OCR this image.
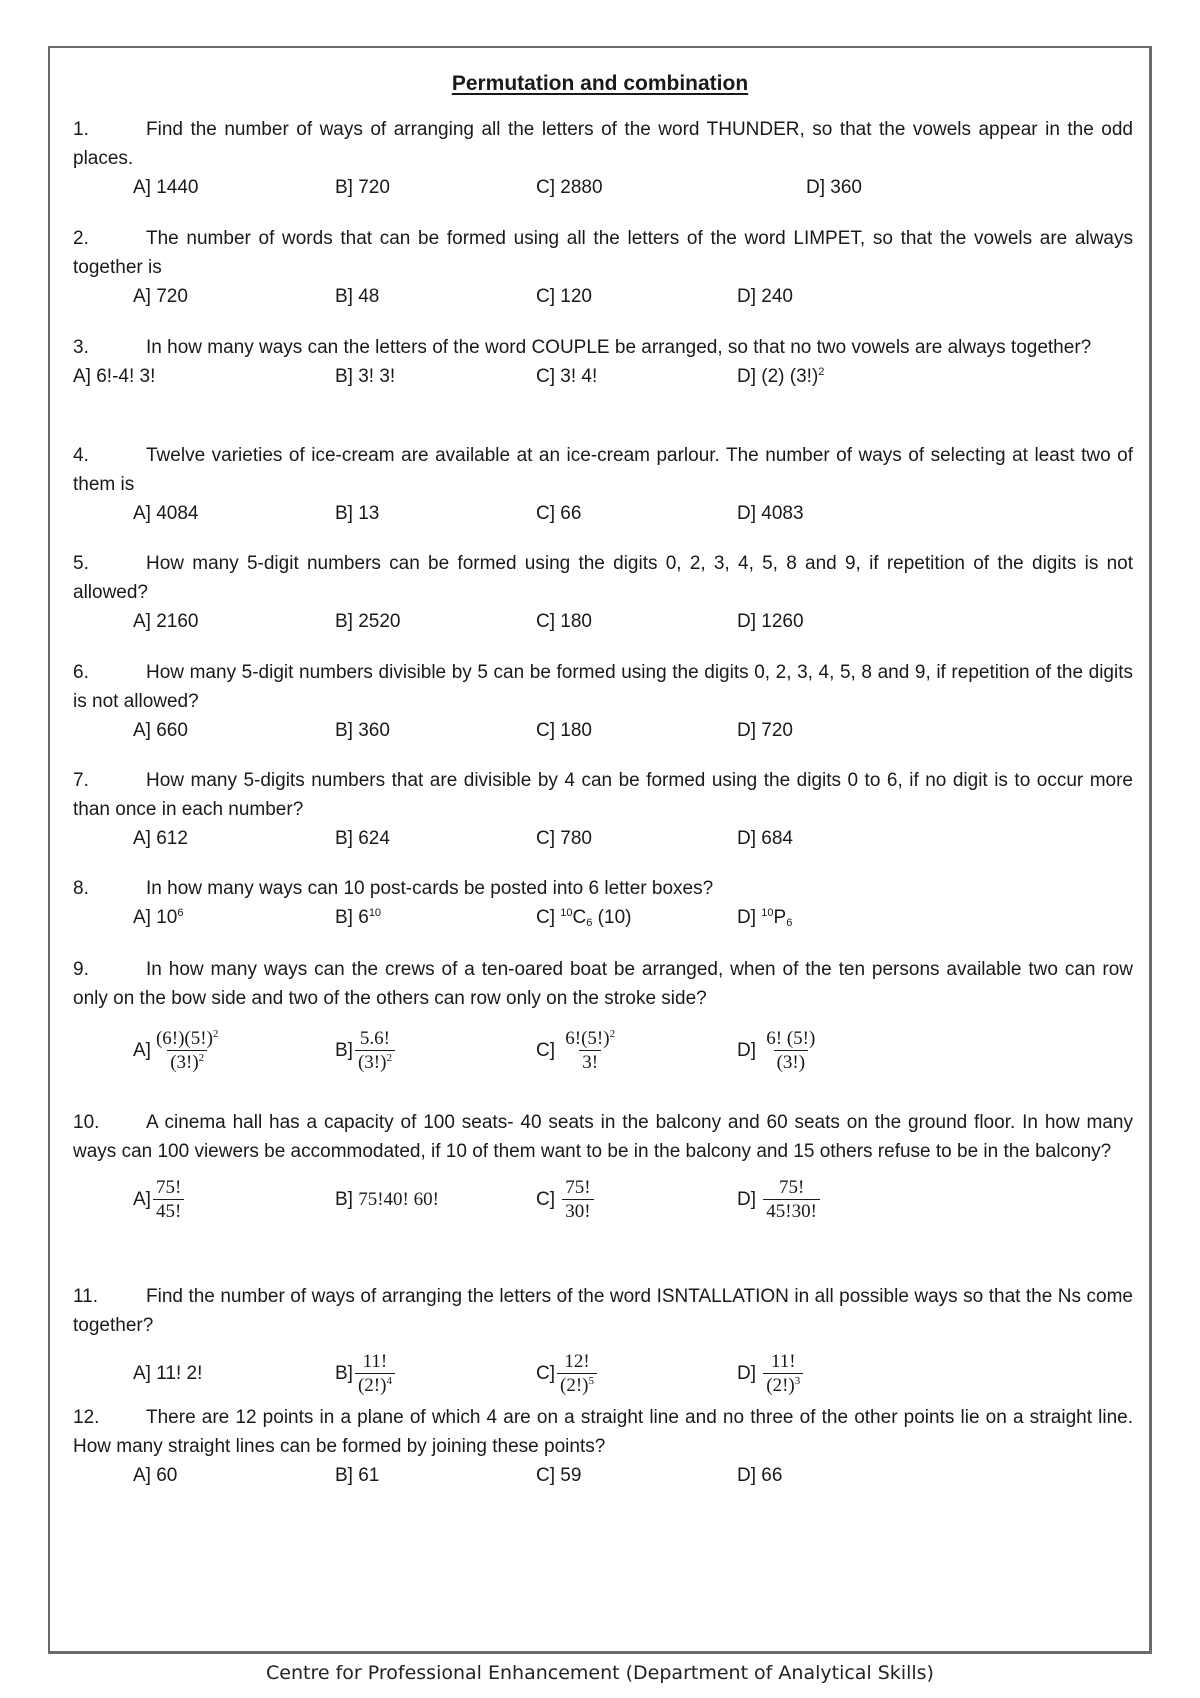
Permutation and combination

1.	Find the number of ways of arranging all the letters of the word THUNDER, so that the vowels appear in the odd places.

A] 1440	B] 720	C] 2880	D] 360

2.	The number of words that can be formed using all the letters of the word LIMPET, so that the vowels are always together is

A] 720	B] 48	C] 120	D] 240

3.	In how many ways can the letters of the word COUPLE be arranged, so that no two vowels are always together?

A] 6!-4! 3!	B] 3! 3!	C] 3! 4!	D] (2) $(3!)^2$

4.	Twelve varieties of ice-cream are available at an ice-cream parlour. The number of ways of selecting at least two of them is

A] 4084	B] 13	C] 66	D] 4083

5.	How many 5-digit numbers can be formed using the digits 0, 2, 3, 4, 5, 8 and 9, if repetition of the digits is not allowed?

A] 2160	B] 2520	C] 180	D] 1260

6.	How many 5-digit numbers divisible by 5 can be formed using the digits 0, 2, 3, 4, 5, 8 and 9, if repetition of the digits is not allowed?

A] 660	B] 360	C] 180	D] 720

7.	How many 5-digits numbers that are divisible by 4 can be formed using the digits 0 to 6, if no digit is to occur more than once in each number?

A] 612	B] 624	C] 780	D] 684

8.	In how many ways can 10 post-cards be posted into 6 letter boxes?

A] $10^6$	B] $6^{10}$	C] $^{10}C_6$ (10)	D] $^{10}P_6$

9.	In how many ways can the crews of a ten-oared boat be arranged, when of the ten persons available two can row only on the bow side and two of the others can row only on the stroke side?

$A] \frac{(6!)(5!)^2}{(3!)^2}$	$B] \frac{5.6!}{(3!)^2}$	C]
$\frac{6!(5!)^2}{3!}$	D]
$\frac{6! (5!)}{(3!)}$

10. A cinema hall has a capacity of 100 seats- 40 seats in the balcony and 60 seats on the ground floor. In how many ways can 100 viewers be accommodated, if 10 of them want to be in the balcony and 15 others refuse to be in the balcony?

$A] \frac{75!}{45!}$	B] 75!40! 60!	C]
$\frac{75!}{30!}$	D]
$\frac{75!}{45!30!}$

11.	Find the number of ways of arranging the letters of the word ISNTALLATION in all possible ways so that the Ns come together?

A] 11! 2!	$B] \frac{11!}{(2!)^4}$	$C] \frac{12!}{(2!)^5}$	D]
$\frac{11!}{(2!)^3}$

12. There are 12 points in a plane of which 4 are on a straight line and no three of the other points lie on a straight line. How many straight lines can be formed by joining these points?

A] 60	B] 61	C] 59	D] 66
Centre for Professional Enhancement (Department of Analytical Skills)
